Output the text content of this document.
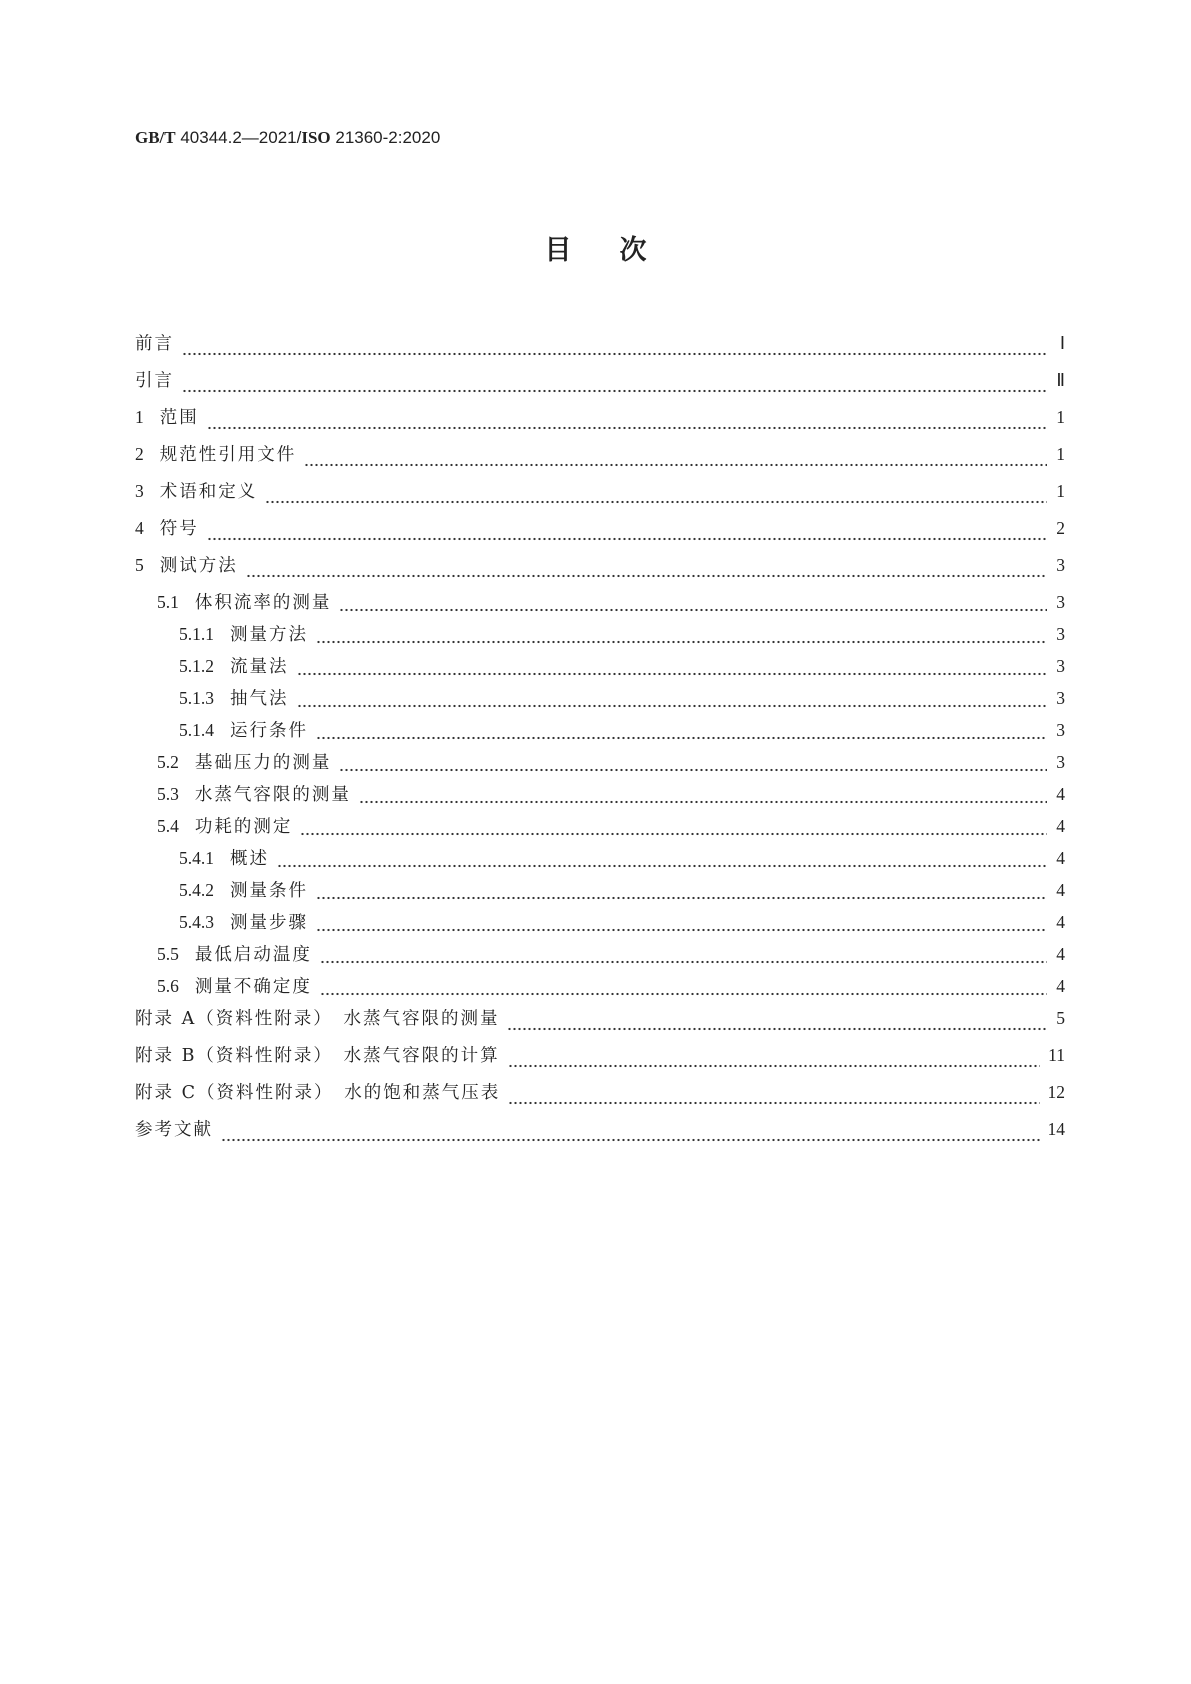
GB/T 40344.2—2021/ISO 21360-2:2020
目次
前言	Ⅰ
引言	Ⅱ
1 范围	1
2 规范性引用文件	1
3 术语和定义	1
4 符号	2
5 测试方法	3
5.1 体积流率的测量	3
5.1.1 测量方法	3
5.1.2 流量法	3
5.1.3 抽气法	3
5.1.4 运行条件	3
5.2 基础压力的测量	3
5.3 水蒸气容限的测量	4
5.4 功耗的测定	4
5.4.1 概述	4
5.4.2 测量条件	4
5.4.3 测量步骤	4
5.5 最低启动温度	4
5.6 测量不确定度	4
附录 A（资料性附录）　水蒸气容限的测量	5
附录 B（资料性附录）　水蒸气容限的计算	11
附录 C（资料性附录）　水的饱和蒸气压表	12
参考文献	14
